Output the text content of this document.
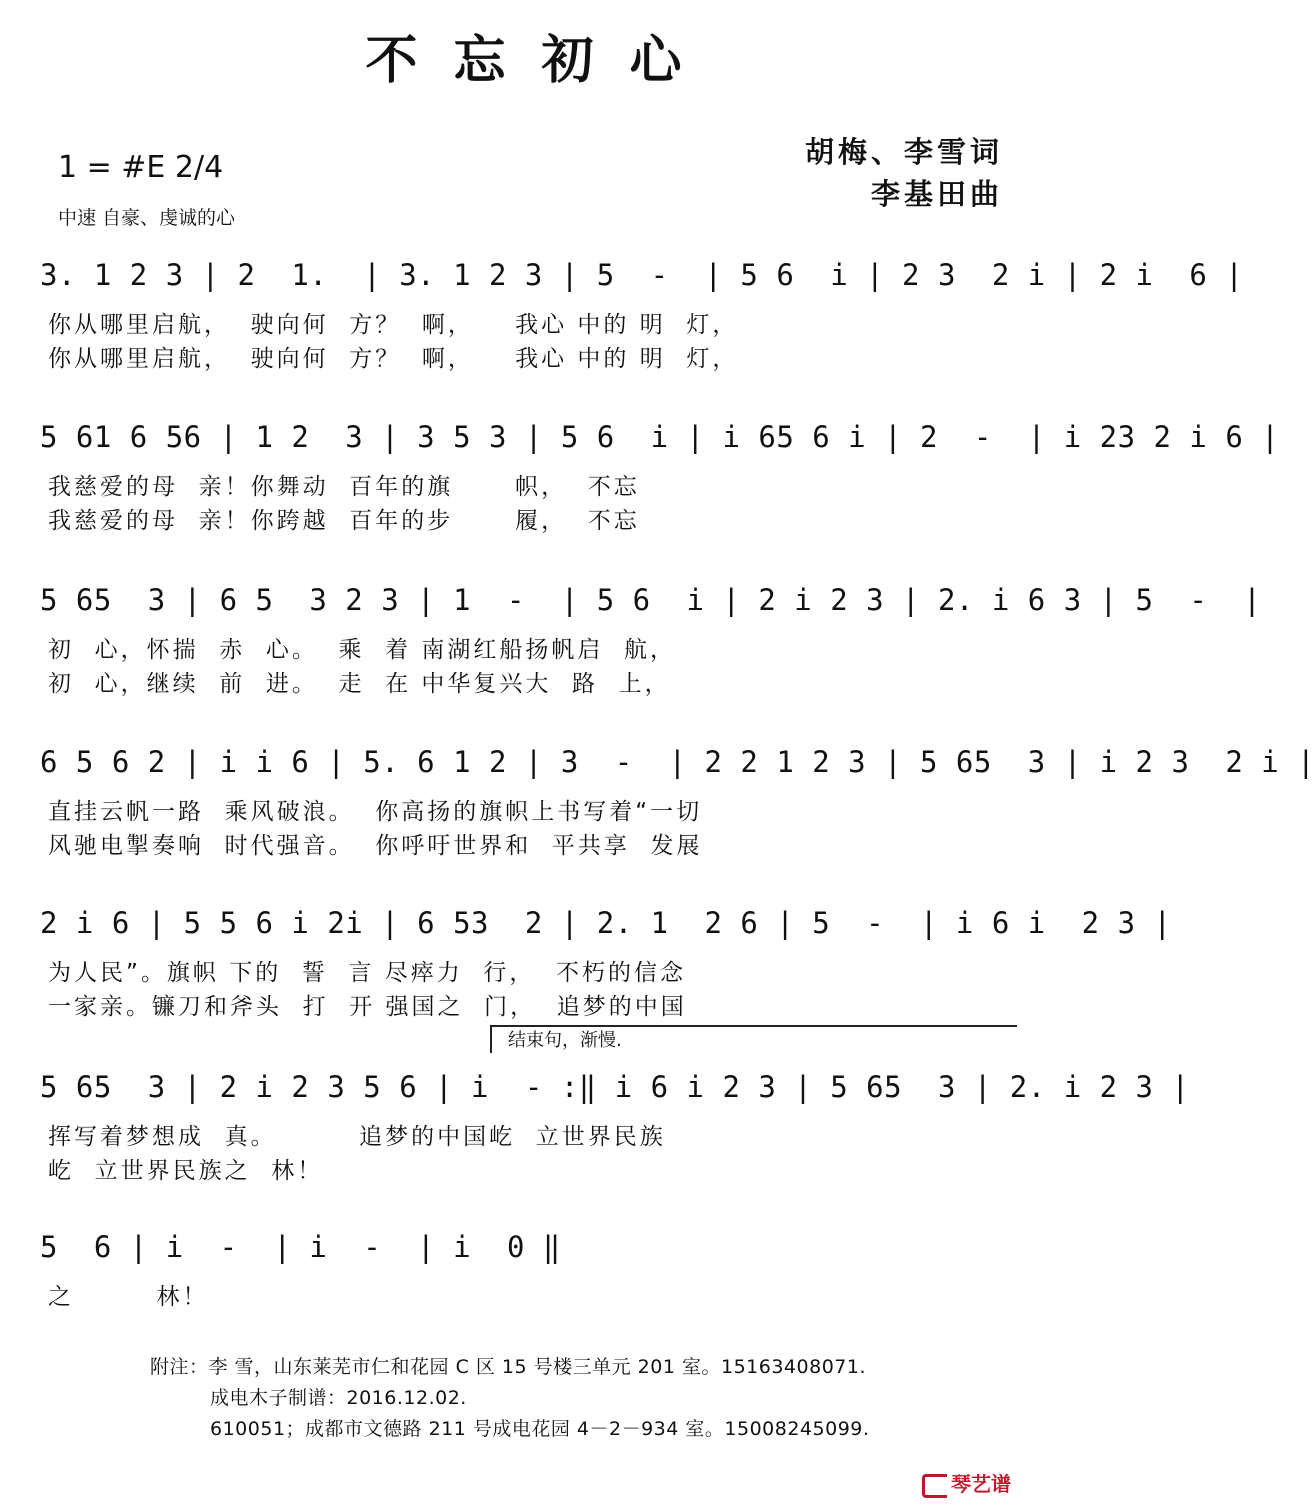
不忘初心
1 = #E 2/4
中速 自豪、虔诚的心
胡梅、李雪词
李基田曲
3. 1 2 3 | 2  1.  | 3. 1 2 3 | 5  -  | 5 6  i | 2 3  2 i | 2 i  6 |
你从哪里启航，  驶向何  方？  啊，    我心 中的 明  灯，
你从哪里启航，  驶向何  方？  啊，    我心 中的 明  灯，
5 61 6 56 | 1 2  3 | 3 5 3 | 5 6  i | i 65 6 i | 2  -  | i 23 2 i 6 |
我慈爱的母  亲！你舞动  百年的旗      帜，  不忘
我慈爱的母  亲！你跨越  百年的步      履，  不忘
5 65  3 | 6 5  3 2 3 | 1  -  | 5 6  i | 2 i 2 3 | 2. i 6 3 | 5  -  |
初  心，怀揣  赤  心。  乘  着 南湖红船扬帆启  航，
初  心，继续  前  进。  走  在 中华复兴大  路  上，
6 5 6 2 | i i 6 | 5. 6 1 2 | 3  -  | 2 2 1 2 3 | 5 65  3 | i 2 3  2 i |
直挂云帆一路  乘风破浪。  你高扬的旗帜上书写着“一切
风驰电掣奏响  时代强音。  你呼吁世界和  平共享  发展
2 i 6 | 5 5 6 i 2i | 6 53  2 | 2. 1  2 6 | 5  -  | i 6 i  2 3 |
为人民”。旗帜 下的  誓  言 尽瘁力  行，  不朽的信念
一家亲。镰刀和斧头  打  开 强国之  门，  追梦的中国
结束句，渐慢.
5 65  3 | 2 i 2 3 5 6 | i  - :‖ i 6 i 2 3 | 5 65  3 | 2. i 2 3 |
挥写着梦想成  真。        追梦的中国屹  立世界民族
屹  立世界民族之  林！
5  6 | i  -  | i  -  | i  0 ‖
之        林！
附注：李 雪，山东莱芜市仁和花园 C 区 15 号楼三单元 201 室。15163408071.
成电木子制谱：2016.12.02.
610051；成都市文德路 211 号成电花园 4－2－934 室。15008245099.
琴艺谱
